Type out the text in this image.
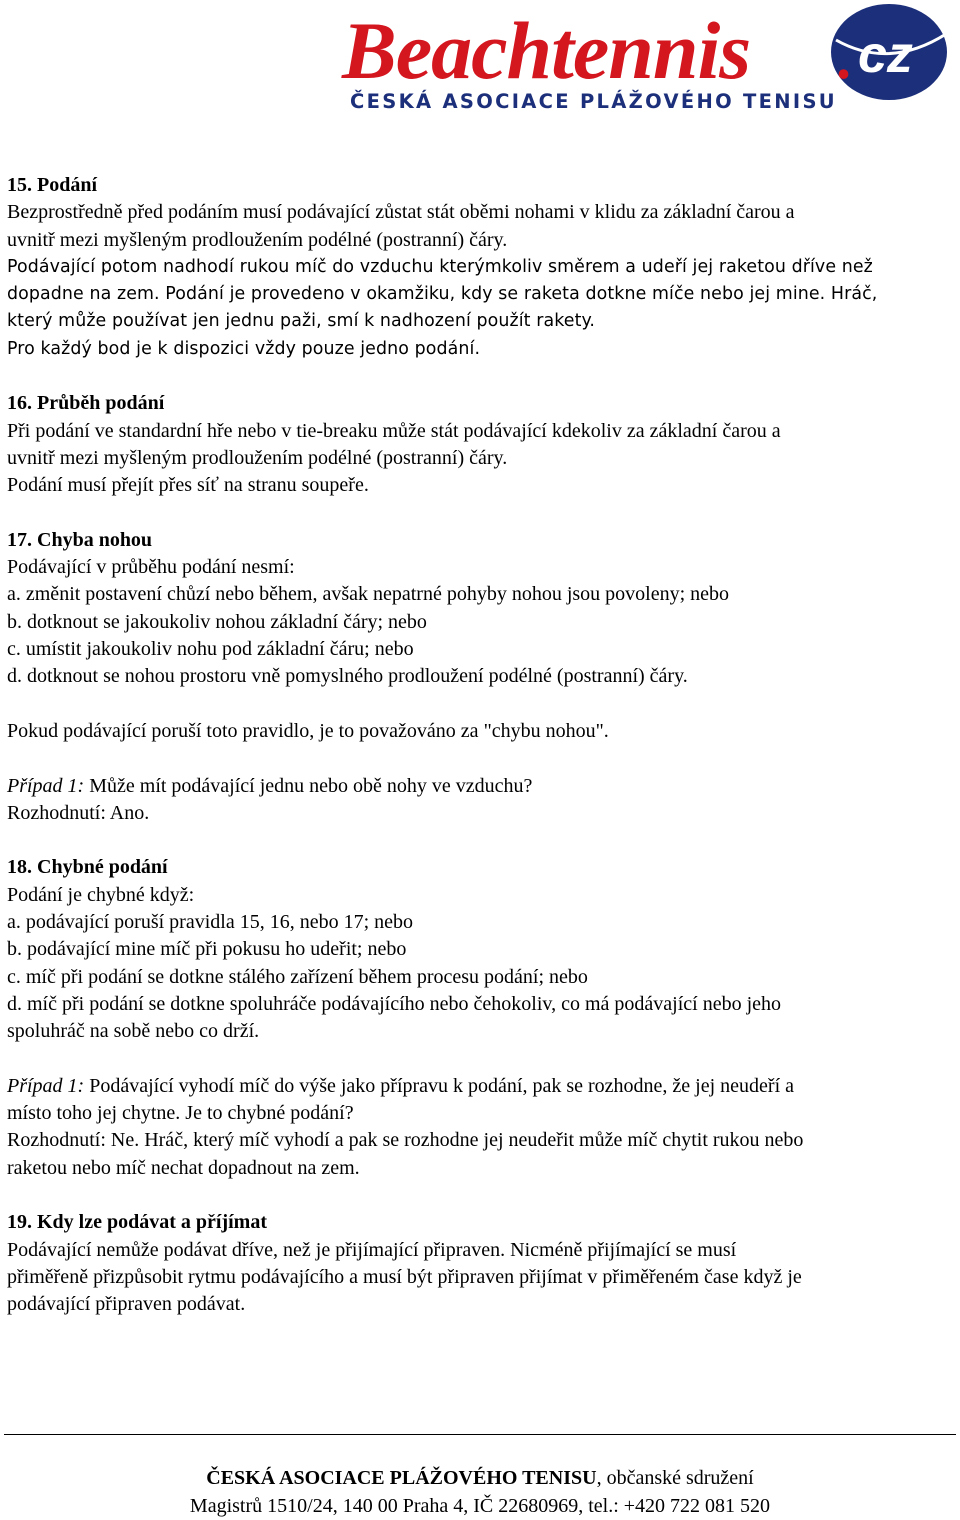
Beachtennis cz
.
ČESKÁ ASOCIACE PLÁŽOVÉHO TENISU

15. Podání

Bezprostředně před podáním musí podávající zůstat stát oběmi nohami v klidu za základní čarou a

uvnitř mezi myšleným prodloužením podélné (postranní) čáry.

Podávající potom nadhodí rukou míč do vzduchu kterýmkoliv směrem a udeří jej raketou dříve než

dopadne na zem. Podání je provedeno v okamžiku, kdy se raketa dotkne míče nebo jej mine. Hráč,

který může používat jen jednu paži, smí k nadhození použít rakety.

Pro každý bod je k dispozici vždy pouze jedno podání.

16. Průběh podání

Při podání ve standardní hře nebo v tie-breaku může stát podávající kdekoliv za základní čarou a

uvnitř mezi myšleným prodloužením podélné (postranní) čáry.

Podání musí přejít přes síť na stranu soupeře.

17. Chyba nohou

Podávající v průběhu podání nesmí:

a. změnit postavení chůzí nebo během, avšak nepatrné pohyby nohou jsou povoleny; nebo

b. dotknout se jakoukoliv nohou základní čáry; nebo

c. umístit jakoukoliv nohu pod základní čáru; nebo

d. dotknout se nohou prostoru vně pomyslného prodloužení podélné (postranní) čáry.

Pokud podávající poruší toto pravidlo, je to považováno za "chybu nohou".

Případ 1: Může mít podávající jednu nebo obě nohy ve vzduchu?

Rozhodnutí: Ano.

18. Chybné podání

Podání je chybné když:

a. podávající poruší pravidla 15, 16, nebo 17; nebo

b. podávající mine míč při pokusu ho udeřit; nebo

c. míč při podání se dotkne stálého zařízení během procesu podání; nebo

d. míč při podání se dotkne spoluhráče podávajícího nebo čehokoliv, co má podávající nebo jeho

spoluhráč na sobě nebo co drží.

Případ 1: Podávající vyhodí míč do výše jako přípravu k podání, pak se rozhodne, že jej neudeří a

místo toho jej chytne. Je to chybné podání?

Rozhodnutí: Ne. Hráč, který míč vyhodí a pak se rozhodne jej neudeřit může míč chytit rukou nebo

raketou nebo míč nechat dopadnout na zem.

19. Kdy lze podávat a příjímat

Podávající nemůže podávat dříve, než je přijímající připraven. Nicméně přijímající se musí

přiměřeně přizpůsobit rytmu podávajícího a musí být připraven přijímat v přiměřeném čase když je

podávající připraven podávat.

ČESKÁ ASOCIACE PLÁŽOVÉHO TENISU, občanské sdružení
Magistrů 1510/24, 140 00 Praha 4, IČ 22680969, tel.: +420 722 081 520
